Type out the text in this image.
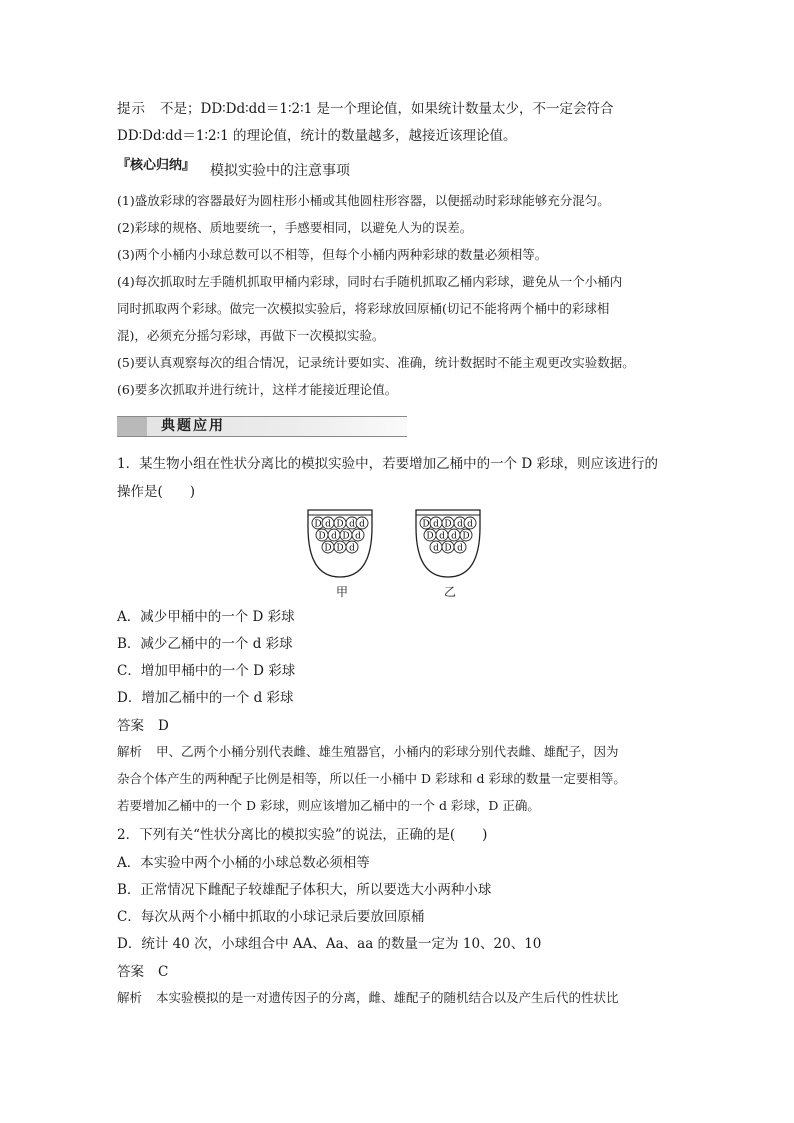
提示 不是；DD∶Dd∶dd＝1∶2∶1 是一个理论值，如果统计数量太少，不一定会符合
DD∶Dd∶dd＝1∶2∶1 的理论值，统计的数量越多，越接近该理论值。
『核心归纳』 模拟实验中的注意事项
(1)盛放彩球的容器最好为圆柱形小桶或其他圆柱形容器，以便摇动时彩球能够充分混匀。
(2)彩球的规格、质地要统一，手感要相同，以避免人为的误差。
(3)两个小桶内小球总数可以不相等，但每个小桶内两种彩球的数量必须相等。
(4)每次抓取时左手随机抓取甲桶内彩球，同时右手随机抓取乙桶内彩球，避免从一个小桶内
同时抓取两个彩球。做完一次模拟实验后，将彩球放回原桶(切记不能将两个桶中的彩球相
混)，必须充分摇匀彩球，再做下一次模拟实验。
(5)要认真观察每次的组合情况，记录统计要如实、准确，统计数据时不能主观更改实验数据。
(6)要多次抓取并进行统计，这样才能接近理论值。
典题应用
1．某生物小组在性状分离比的模拟实验中，若要增加乙桶中的一个 D 彩球，则应该进行的
操作是(　　)
D d D d d
D d D d
D D d
D d D d d
D d d D
d D d
甲	乙
A．减少甲桶中的一个 D 彩球
B．减少乙桶中的一个 d 彩球
C．增加甲桶中的一个 D 彩球
D．增加乙桶中的一个 d 彩球
答案 D
解析 甲、乙两个小桶分别代表雌、雄生殖器官，小桶内的彩球分别代表雌、雄配子，因为
杂合个体产生的两种配子比例是相等，所以任一小桶中 D 彩球和 d 彩球的数量一定要相等。
若要增加乙桶中的一个 D 彩球，则应该增加乙桶中的一个 d 彩球，D 正确。
2．下列有关“性状分离比的模拟实验”的说法，正确的是(　　)
A．本实验中两个小桶的小球总数必须相等
B．正常情况下雌配子较雄配子体积大，所以要选大小两种小球
C．每次从两个小桶中抓取的小球记录后要放回原桶
D．统计 40 次，小球组合中 AA、Aa、aa 的数量一定为 10、20、10
答案 C
解析 本实验模拟的是一对遗传因子的分离，雌、雄配子的随机结合以及产生后代的性状比
